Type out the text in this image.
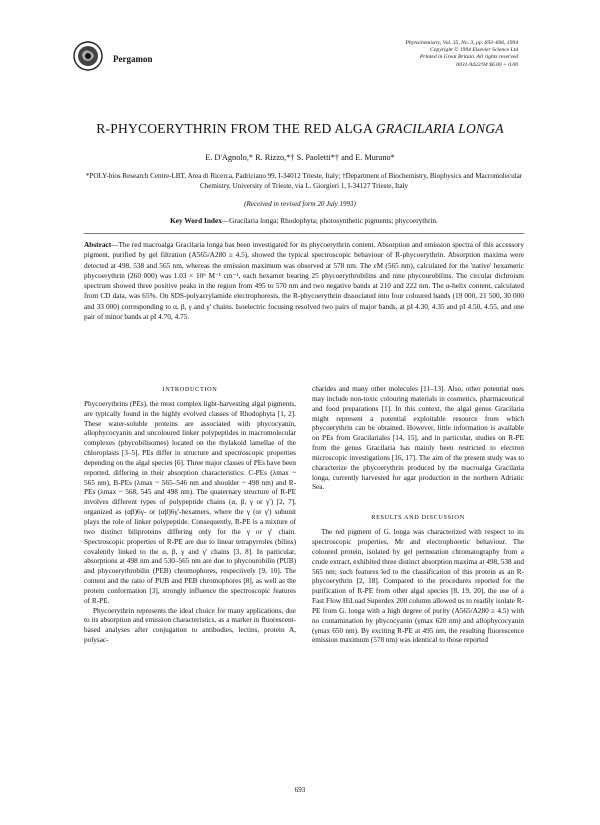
Pergamon
Phytochemistry, Vol. 35, No. 3, pp. 693–696, 1994
Copyright © 1994 Elsevier Science Ltd
Printed in Great Britain. All rights reserved
0031-9422/94 $6.00 + 0.00
R-PHYCOERYTHRIN FROM THE RED ALGA GRACILARIA LONGA
E. D'Agnolo,* R. Rizzo,*† S. Paoletti*† and E. Murano*
*POLY-bios Research Centre-LBT, Area di Ricerca, Padriciano 99, I-34012 Trieste, Italy; †Department of Biochemistry, Biophysics and Macromolecular Chemistry, University of Trieste, via L. Giorgieri 1, I-34127 Trieste, Italy
(Received in revised form 20 July 1993)
Key Word Index—Gracilaria longa; Rhodophyta; photosynthetic pigments; phycoerythrin.
Abstract—The red macroalga Gracilaria longa has been investigated for its phycoerythrin content. Absorption and emission spectra of this accessory pigment, purified by gel filtration (A565/A280 ≥ 4.5), showed the typical spectroscopic behaviour of R-phycoerythrin. Absorption maxima were detected at 498, 538 and 565 nm, whereas the emission maximum was observed at 578 nm. The εM (565 nm), calculated for the 'native' hexameric phycoerythrin (260 000) was 1.03 × 10⁶ M⁻¹ cm⁻¹, each hexamer bearing 25 phycoerythrobilins and nine phycourobilins. The circular dichroism spectrum showed three positive peaks in the region from 495 to 570 nm and two negative bands at 210 and 222 nm. The α-helix content, calculated from CD data, was 65%. On SDS-polyacrylamide electrophoresis, the R-phycoerythrin dissociated into four coloured bands (19 000, 21 500, 30 000 and 33 000) corresponding to α, β, γ and γ' chains. Isoelectric focusing resolved two pairs of major bands, at pI 4.30, 4.35 and pI 4.50, 4.55, and one pair of minor bands at pI 4.70, 4.75.
INTRODUCTION

Phycoerythrins (PEs), the most complex light-harvesting algal pigments, are typically found in the highly evolved classes of Rhodophyta [1, 2]. These water-soluble proteins are associated with phycocyanin, allophycocyanin and uncoloured linker polypeptides in macromolecular complexes (phycobilisomes) located on the thylakoid lamellae of the chloroplasts [3–5]. PEs differ in structure and spectroscopic properties depending on the algal species [6]. Three major classes of PEs have been reported, differing in their absorption characteristics: C-PEs (λmax ~ 565 nm), B-PEs (λmax ~ 565–546 nm and shoulder ~ 498 nm) and R-PEs (λmax ~ 568, 545 and 498 nm). The quaternary structure of R-PE involves different types of polypeptide chains (α, β, γ or γ') [2, 7], organized as (αβ)6γ- or (αβ)6γ'-hexamers, where the γ (or γ') subunit plays the role of linker polypeptide. Consequently, R-PE is a mixture of two distinct biliproteins differing only for the γ or γ' chain. Spectroscopic properties of R-PE are due to linear tetrapyrroles (bilins) covalently linked to the α, β, γ and γ' chains [3, 8]. In particular, absorptions at 498 nm and 530–565 nm are due to phycourobilin (PUB) and phycoerythrobilin (PEB) chromophores, respectively [9, 10]. The content and the ratio of PUB and PEB chromophores [8], as well as the protein conformation [3], strongly influence the spectroscopic features of R-PE.

Phycoerythrin represents the ideal choice for many applications, due to its absorption and emission characteristics, as a marker in fluorescent-based analyses after conjugation to antibodies, lectins, protein A, polysac-

charides and many other molecules [11–13]. Also, other potential uses may include non-toxic colouring materials in cosmetics, pharmaceutical and food preparations [1]. In this context, the algal genus Gracilaria might represent a potential exploitable resource from which phycoerythrin can be obtained. However, little information is available on PEs from Gracilariales [14, 15], and in particular, studies on R-PE from the genus Gracilaria has mainly been restricted to electron microscopic investigations [16, 17]. The aim of the present study was to characterize the phycoerythrin produced by the macroalga Gracilaria longa, currently harvested for agar production in the northern Adriatic Sea.

RESULTS AND DISCUSSION

The red pigment of G. longa was characterized with respect to its spectroscopic properties, Mr and electrophoretic behaviour. The coloured protein, isolated by gel permeation chromatography from a crude extract, exhibited three distinct absorption maxima at 498, 538 and 565 nm; such features led to the classification of this protein as an R-phycoerythrin [2, 18]. Compared to the procedures reported for the purification of R-PE from other algal species [8, 19, 20], the use of a Fast Flow HiLoad Superdex 200 column allowed us to readily isolate R-PE from G. longa with a high degree of purity (A565/A280 ≥ 4.5) with no contamination by phycocyanin (γmax 620 nm) and allophycocyanin (γmax 650 nm). By exciting R-PE at 495 nm, the resulting fluorescence emission maximum (578 nm) was identical to those reported

693
